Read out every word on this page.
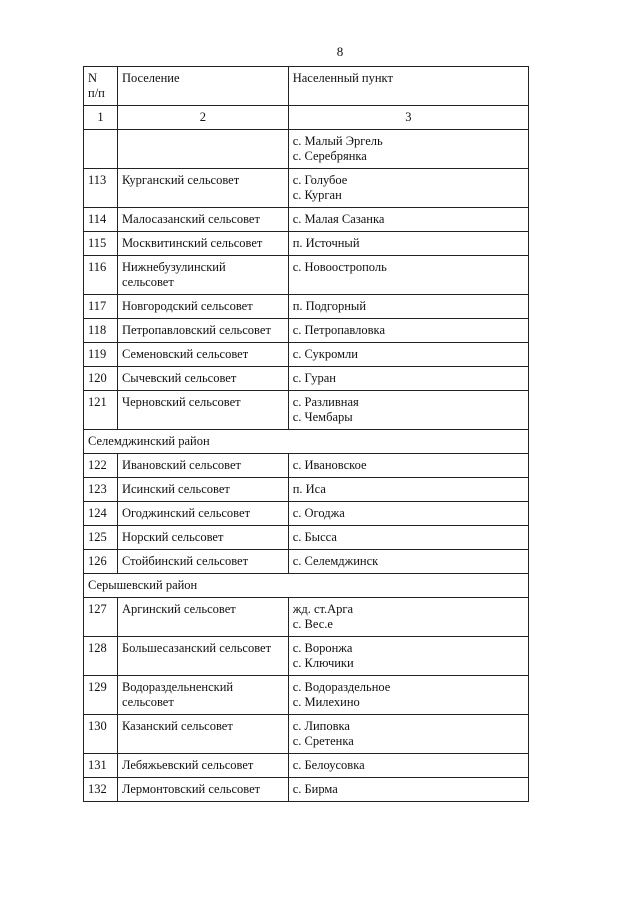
8
N
п/п	Поселение	Населенный пункт
1	2	3

		с. Малый Эргель
с. Серебрянка

113	Курганский сельсовет	с. Голубое
с. Курган

114	Малосазанский сельсовет	с. Малая Сазанка

115	Москвитинский сельсовет	п. Источный

116	Нижнебузулинский
сельсовет	с. Новоострополь

117	Новгородский сельсовет	п. Подгорный

118	Петропавловский сельсовет	с. Петропавловка

119	Семеновский сельсовет	с. Сукромли

120	Сычевский сельсовет	с. Гуран

121	Черновский сельсовет	с. Разливная
с. Чембары

Селемджинский район		
122	Ивановский сельсовет	с. Ивановское

123	Исинский сельсовет	п. Иса

124	Огоджинский сельсовет	с. Огоджа

125	Норский сельсовет	с. Бысса

126	Стойбинский сельсовет	с. Селемджинск

Серышевский район		
127	Аргинский сельсовет	жд. ст.Арга
с. Вес.е

128	Большесазанский сельсовет	с. Воронжа
с. Ключики

129	Водораздельненский
сельсовет	с. Водораздельное
с. Милехино

130	Казанский сельсовет	с. Липовка
с. Сретенка

131	Лебяжьевский сельсовет	с. Белоусовка

132	Лермонтовский сельсовет	с. Бирма
